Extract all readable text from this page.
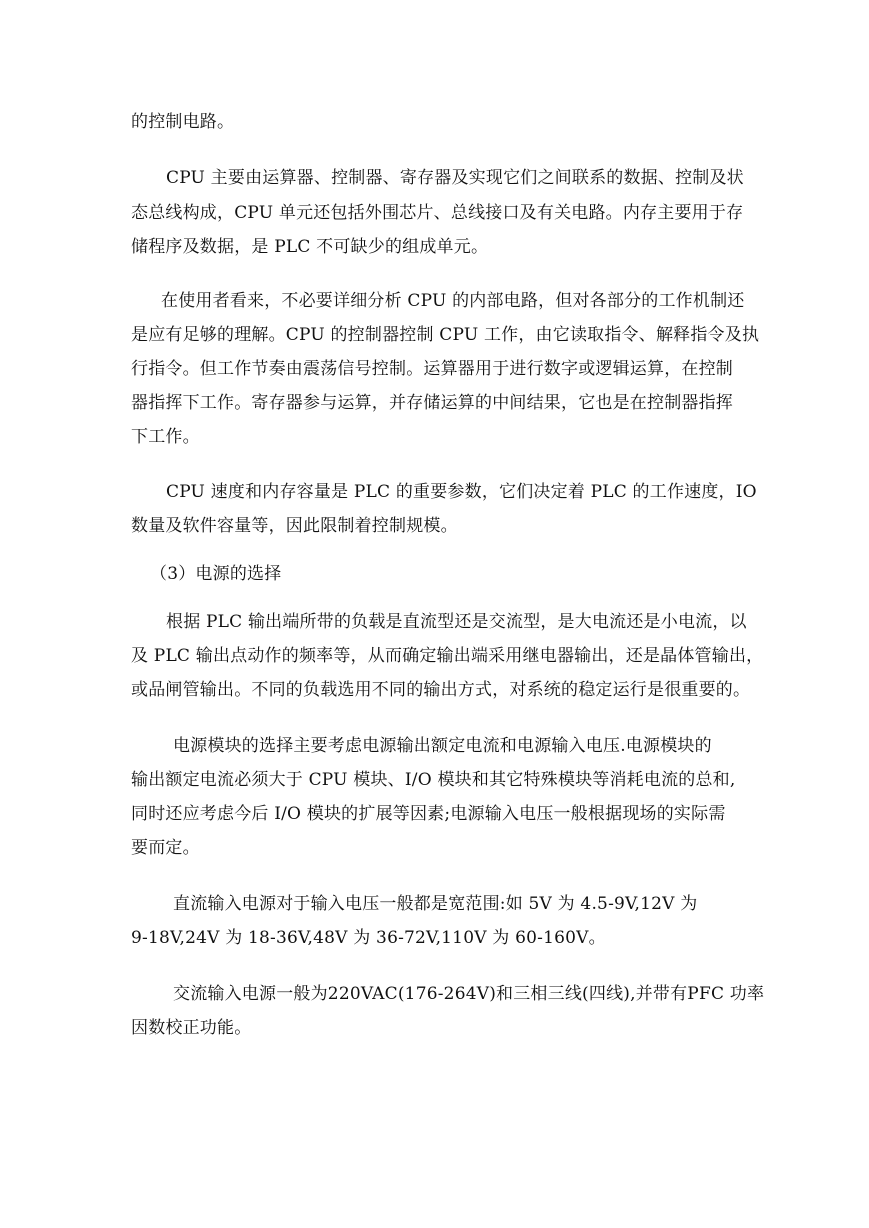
的控制电路。
CPU 主要由运算器、控制器、寄存器及实现它们之间联系的数据、控制及状
态总线构成，CPU 单元还包括外围芯片、总线接口及有关电路。内存主要用于存
储程序及数据，是 PLC 不可缺少的组成单元。
在使用者看来，不必要详细分析 CPU 的内部电路，但对各部分的工作机制还
是应有足够的理解。CPU 的控制器控制 CPU 工作，由它读取指令、解释指令及执
行指令。但工作节奏由震荡信号控制。运算器用于进行数字或逻辑运算，在控制
器指挥下工作。寄存器参与运算，并存储运算的中间结果，它也是在控制器指挥
下工作。
CPU 速度和内存容量是 PLC 的重要参数，它们决定着 PLC 的工作速度，IO
数量及软件容量等，因此限制着控制规模。
（3）电源的选择
根据 PLC 输出端所带的负载是直流型还是交流型，是大电流还是小电流，以
及 PLC 输出点动作的频率等，从而确定输出端采用继电器输出，还是晶体管输出，
或品闸管输出。不同的负载选用不同的输出方式，对系统的稳定运行是很重要的。
电源模块的选择主要考虑电源输出额定电流和电源输入电压.电源模块的
输出额定电流必须大于 CPU 模块、I/O 模块和其它特殊模块等消耗电流的总和,
同时还应考虑今后 I/O 模块的扩展等因素;电源输入电压一般根据现场的实际需
要而定。
直流输入电源对于输入电压一般都是宽范围:如 5V 为 4.5-9V,12V 为
9-18V,24V 为 18-36V,48V 为 36-72V,110V 为 60-160V。
交流输入电源一般为220VAC(176-264V)和三相三线(四线),并带有PFC 功率
因数校正功能。
